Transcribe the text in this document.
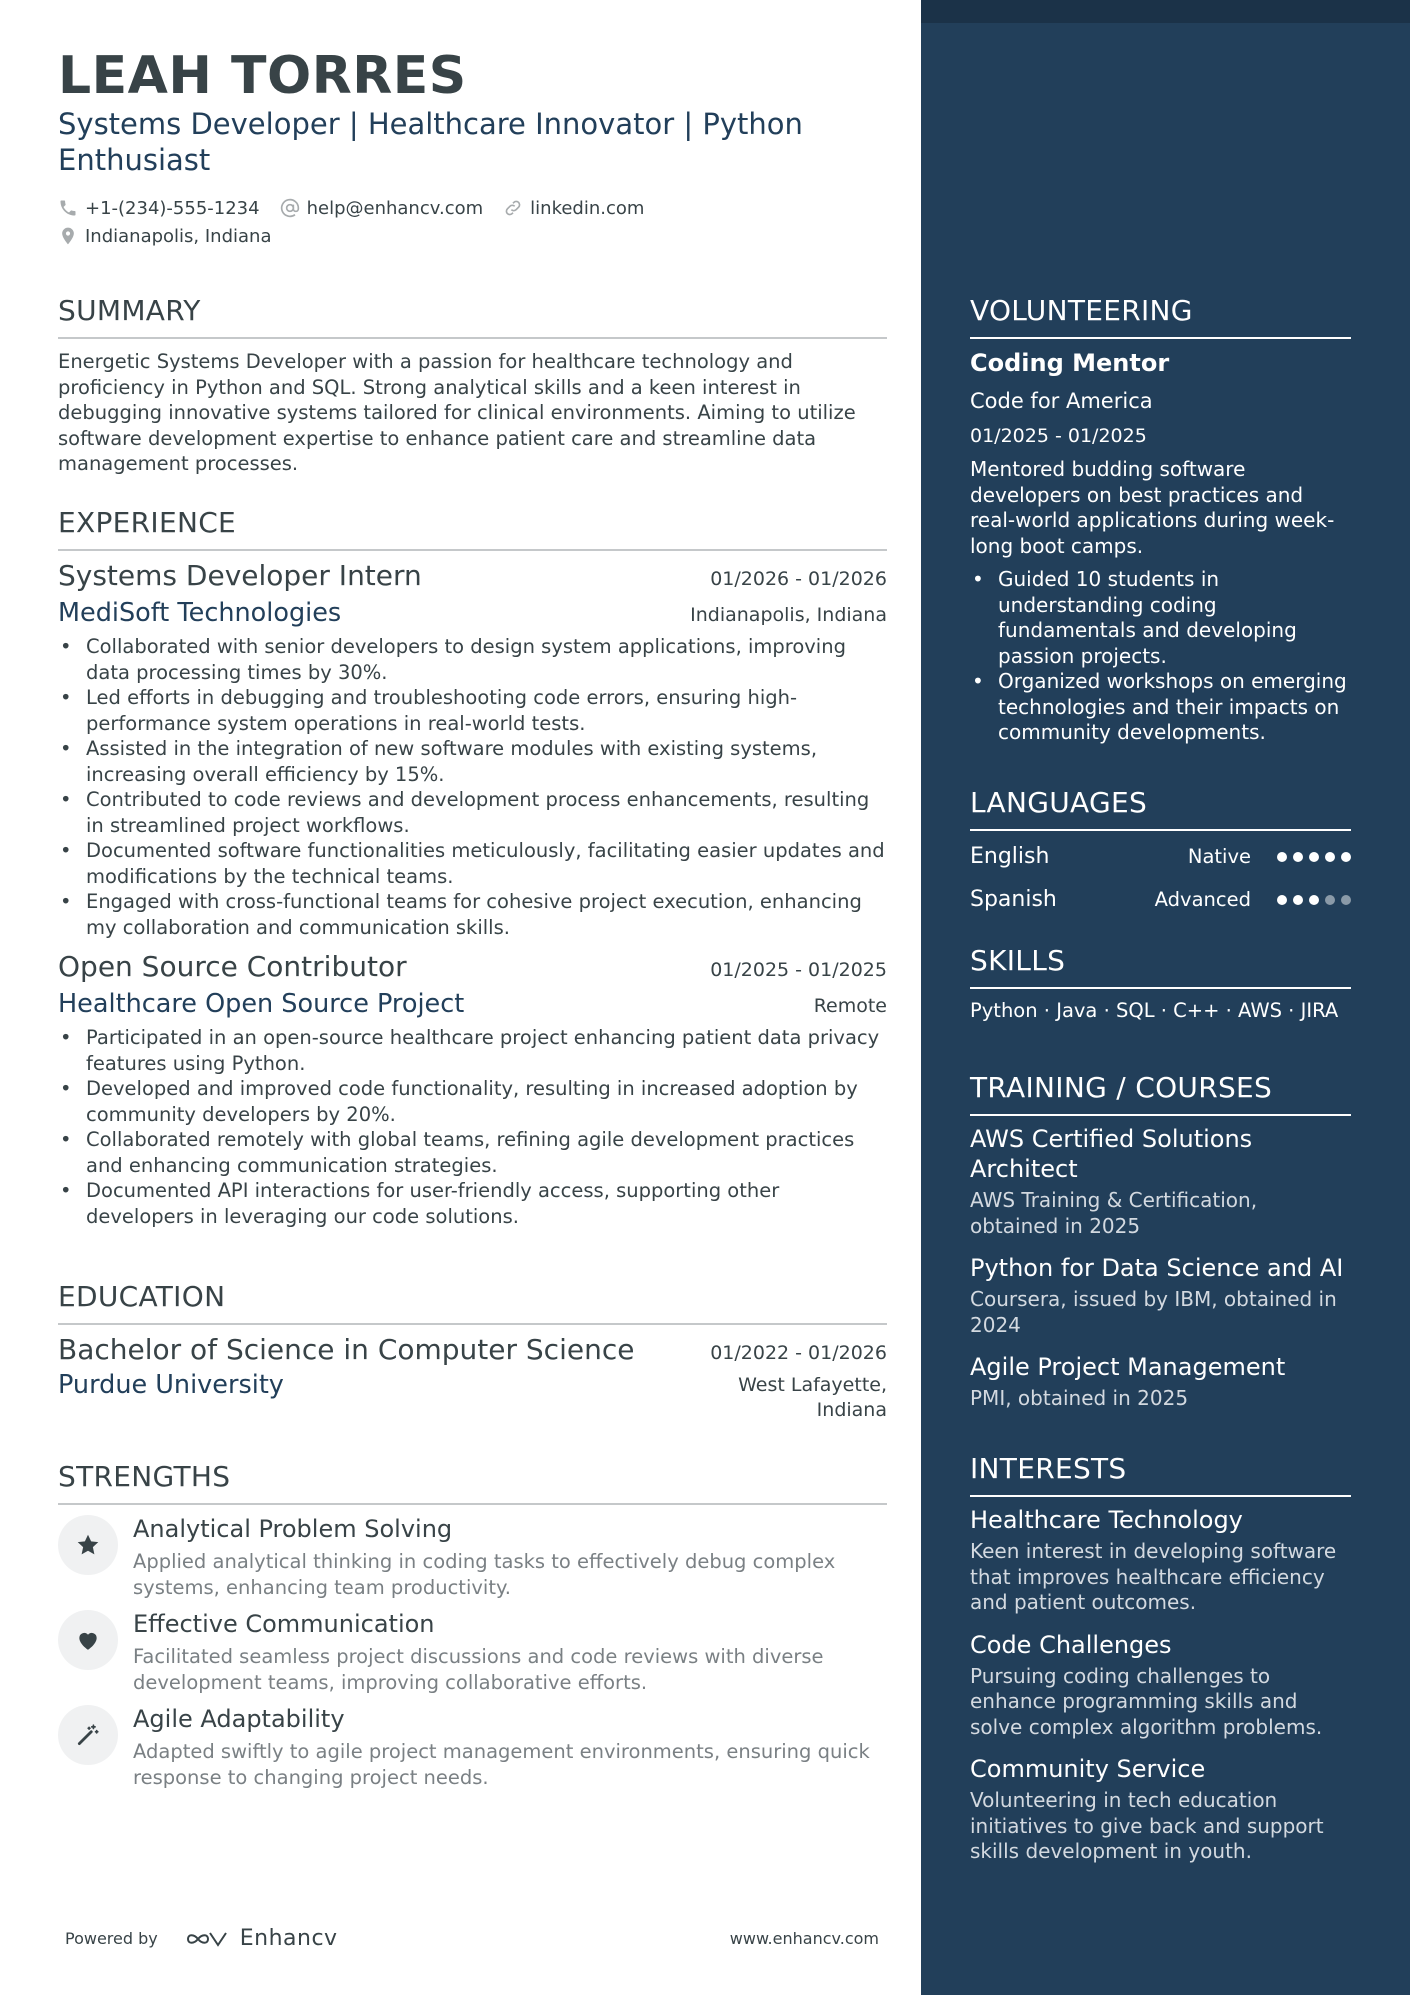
LEAH TORRES
Systems Developer | Healthcare Innovator | Python Enthusiast
+1-(234)-555-1234	help@enhancv.com	linkedin.com
Indianapolis, Indiana
SUMMARY
Energetic Systems Developer with a passion for healthcare technology and proficiency in Python and SQL. Strong analytical skills and a keen interest in debugging innovative systems tailored for clinical environments. Aiming to utilize software development expertise to enhance patient care and streamline data management processes.
EXPERIENCE
Systems Developer Intern	01/2026 - 01/2026
MediSoft Technologies	Indianapolis, Indiana
• Collaborated with senior developers to design system applications, improving data processing times by 30%.
• Led efforts in debugging and troubleshooting code errors, ensuring high-performance system operations in real-world tests.
• Assisted in the integration of new software modules with existing systems, increasing overall efficiency by 15%.
• Contributed to code reviews and development process enhancements, resulting in streamlined project workflows.
• Documented software functionalities meticulously, facilitating easier updates and modifications by the technical teams.
• Engaged with cross-functional teams for cohesive project execution, enhancing my collaboration and communication skills.
Open Source Contributor	01/2025 - 01/2025
Healthcare Open Source Project	Remote
• Participated in an open-source healthcare project enhancing patient data privacy features using Python.
• Developed and improved code functionality, resulting in increased adoption by community developers by 20%.
• Collaborated remotely with global teams, refining agile development practices and enhancing communication strategies.
• Documented API interactions for user-friendly access, supporting other developers in leveraging our code solutions.
EDUCATION
Bachelor of Science in Computer Science	01/2022 - 01/2026
Purdue University	West Lafayette,
Indiana
STRENGTHS
Analytical Problem Solving
Applied analytical thinking in coding tasks to effectively debug complex systems, enhancing team productivity.
Effective Communication
Facilitated seamless project discussions and code reviews with diverse development teams, improving collaborative efforts.
Agile Adaptability
Adapted swiftly to agile project management environments, ensuring quick response to changing project needs.
Powered by	Enhancv	www.enhancv.com
VOLUNTEERING
Coding Mentor
Code for America
01/2025 - 01/2025
Mentored budding software developers on best practices and real-world applications during week-long boot camps.
• Guided 10 students in understanding coding fundamentals and developing passion projects.
• Organized workshops on emerging technologies and their impacts on community developments.
LANGUAGES
English	Native
Spanish	Advanced
SKILLS
Python · Java · SQL · C++ · AWS · JIRA
TRAINING / COURSES
AWS Certified Solutions Architect
AWS Training & Certification, obtained in 2025
Python for Data Science and AI
Coursera, issued by IBM, obtained in 2024
Agile Project Management
PMI, obtained in 2025
INTERESTS
Healthcare Technology
Keen interest in developing software that improves healthcare efficiency and patient outcomes.
Code Challenges
Pursuing coding challenges to enhance programming skills and solve complex algorithm problems.
Community Service
Volunteering in tech education initiatives to give back and support skills development in youth.
